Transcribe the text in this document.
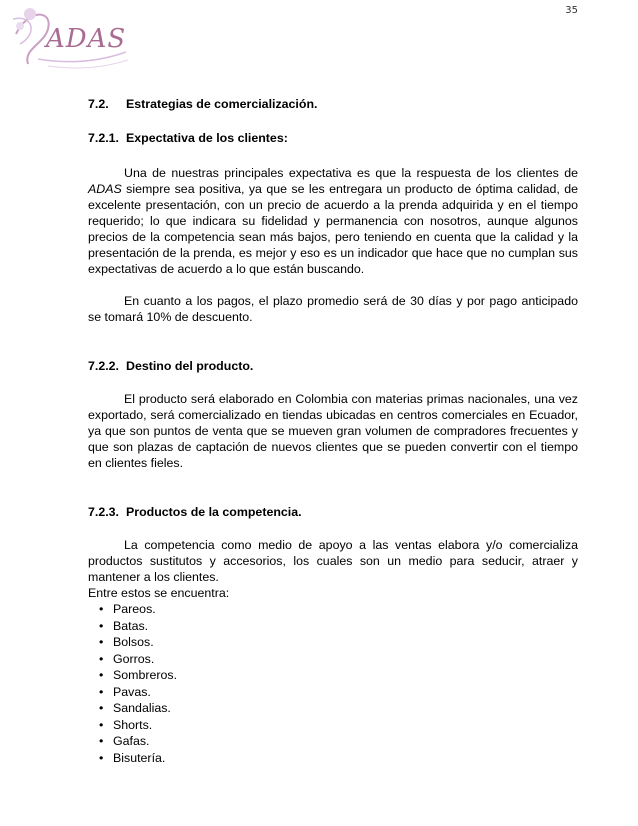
35
ADAS
7.2.	Estrategias de comercialización.
7.2.1. Expectativa de los clientes:

Una de nuestras principales expectativa es que la respuesta de los clientes de ADAS siempre sea positiva, ya que se les entregara un producto de óptima calidad, de excelente presentación, con un precio de acuerdo a la prenda adquirida y en el tiempo requerido; lo que indicara su fidelidad y permanencia con nosotros, aunque algunos precios de la competencia sean más bajos, pero teniendo en cuenta que la calidad y la presentación de la prenda, es mejor y eso es un indicador que hace que no cumplan sus expectativas de acuerdo a lo que están buscando.

En cuanto a los pagos, el plazo promedio será de 30 días y por pago anticipado se tomará 10% de descuento.

7.2.2. Destino del producto.

El producto será elaborado en Colombia con materias primas nacionales, una vez exportado, será comercializado en tiendas ubicadas en centros comerciales en Ecuador, ya que son puntos de venta que se mueven gran volumen de compradores frecuentes y que son plazas de captación de nuevos clientes que se pueden convertir con el tiempo en clientes fieles.

7.2.3. Productos de la competencia.

La competencia como medio de apoyo a las ventas elabora y/o comercializa productos sustitutos y accesorios, los cuales son un medio para seducir, atraer y mantener a los clientes.

Entre estos se encuentra:

• Pareos.
• Batas.
• Bolsos.
• Gorros.
• Sombreros.
• Pavas.
• Sandalias.
• Shorts.
• Gafas.
• Bisutería.
